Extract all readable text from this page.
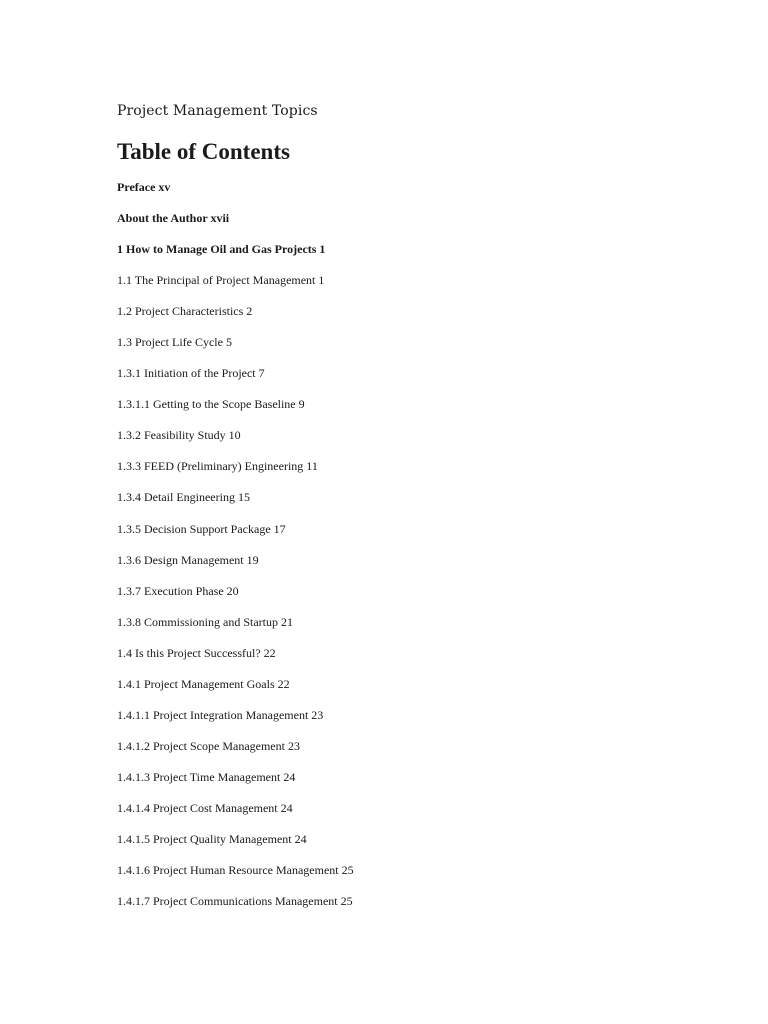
Project Management Topics

Table of Contents
Preface xv
About the Author xvii
1 How to Manage Oil and Gas Projects 1
1.1 The Principal of Project Management 1
1.2 Project Characteristics 2
1.3 Project Life Cycle 5
1.3.1 Initiation of the Project 7
1.3.1.1 Getting to the Scope Baseline 9
1.3.2 Feasibility Study 10
1.3.3 FEED (Preliminary) Engineering 11
1.3.4 Detail Engineering 15
1.3.5 Decision Support Package 17
1.3.6 Design Management 19
1.3.7 Execution Phase 20
1.3.8 Commissioning and Startup 21
1.4 Is this Project Successful? 22
1.4.1 Project Management Goals 22
1.4.1.1 Project Integration Management 23
1.4.1.2 Project Scope Management 23
1.4.1.3 Project Time Management 24
1.4.1.4 Project Cost Management 24
1.4.1.5 Project Quality Management 24
1.4.1.6 Project Human Resource Management 25
1.4.1.7 Project Communications Management 25
